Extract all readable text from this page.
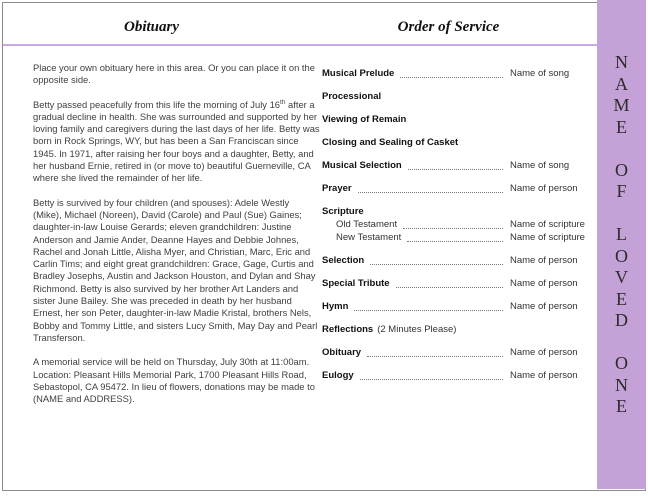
Obituary	Order of Service

Place your own obituary here in this area. Or you can place it on the opposite side.

Betty passed peacefully from this life the morning of July 16th after a gradual decline in health. She was surrounded and supported by her loving family and caregivers during the last days of her life. Betty was born in Rock Springs, WY, but has been a San Franciscan since 1945. In 1971, after raising her four boys and a daughter, Betty, and her husband Ernie, retired in (or move to) beautiful Guerneville, CA where she lived the remainder of her life.

Betty is survived by four children (and spouses): Adele Westly (Mike), Michael (Noreen), David (Carole) and Paul (Sue) Gaines; daughter-in-law Louise Gerards; eleven grandchildren: Justine Anderson and Jamie Ander, Deanne Hayes and Debbie Johnes, Rachel and Jonah Little, Alisha Myer, and Christian, Marc, Eric and Carlin Tims; and eight great grandchildren: Grace, Gage, Curtis and Bradley Josephs, Austin and Jackson Houston, and Dylan and Shay Richmond. Betty is also survived by her brother Art Landers and sister June Bailey. She was preceded in death by her husband Ernest, her son Peter, daughter-in-law Madie Kristal, brothers Nels, Bobby and Tommy Little, and sisters Lucy Smith, May Day and Pearl Transferson.

A memorial service will be held on Thursday, July 30th at 11:00am. Location: Pleasant Hills Memorial Park, 1700 Pleasant Hills Road, Sebastopol, CA 95472. In lieu of flowers, donations may be made to (NAME and ADDRESS).

Musical Prelude	Name of song
Processional
Viewing of Remain
Closing and Sealing of Casket
Musical Selection	Name of song
Prayer	Name of person
Scripture
Old Testament	Name of scripture
New Testament	Name of scripture
Selection	Name of person
Special Tribute	Name of person
Hymn	Name of person
Reflections (2 Minutes Please)
Obituary	Name of person
Eulogy	Name of person
N
A
M
E

O
F

L
O
V
E
D

O
N
E
